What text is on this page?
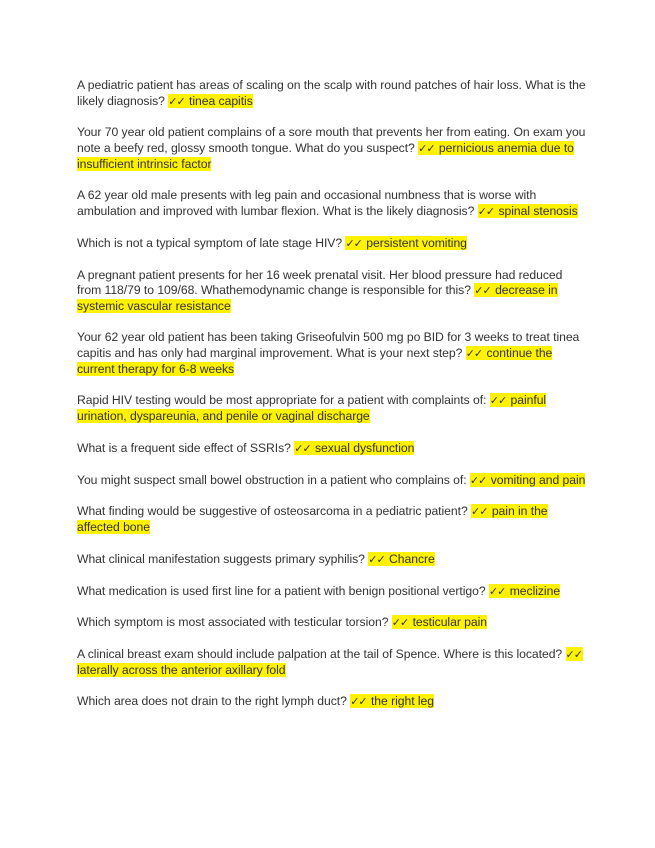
A pediatric patient has areas of scaling on the scalp with round patches of hair loss. What is the likely diagnosis? ✓✓ tinea capitis

Your 70 year old patient complains of a sore mouth that prevents her from eating. On exam you note a beefy red, glossy smooth tongue. What do you suspect? ✓✓ pernicious anemia due to insufficient intrinsic factor

A 62 year old male presents with leg pain and occasional numbness that is worse with ambulation and improved with lumbar flexion. What is the likely diagnosis? ✓✓ spinal stenosis

Which is not a typical symptom of late stage HIV? ✓✓ persistent vomiting

A pregnant patient presents for her 16 week prenatal visit. Her blood pressure had reduced from 118/79 to 109/68. Whathemodynamic change is responsible for this? ✓✓ decrease in systemic vascular resistance

Your 62 year old patient has been taking Griseofulvin 500 mg po BID for 3 weeks to treat tinea capitis and has only had marginal improvement. What is your next step? ✓✓ continue the current therapy for 6-8 weeks

Rapid HIV testing would be most appropriate for a patient with complaints of: ✓✓ painful urination, dyspareunia, and penile or vaginal discharge

What is a frequent side effect of SSRIs? ✓✓ sexual dysfunction

You might suspect small bowel obstruction in a patient who complains of: ✓✓ vomiting and pain

What finding would be suggestive of osteosarcoma in a pediatric patient? ✓✓ pain in the affected bone

What clinical manifestation suggests primary syphilis? ✓✓ Chancre

What medication is used first line for a patient with benign positional vertigo? ✓✓ meclizine

Which symptom is most associated with testicular torsion? ✓✓ testicular pain

A clinical breast exam should include palpation at the tail of Spence. Where is this located? ✓✓ laterally across the anterior axillary fold

Which area does not drain to the right lymph duct? ✓✓ the right leg
